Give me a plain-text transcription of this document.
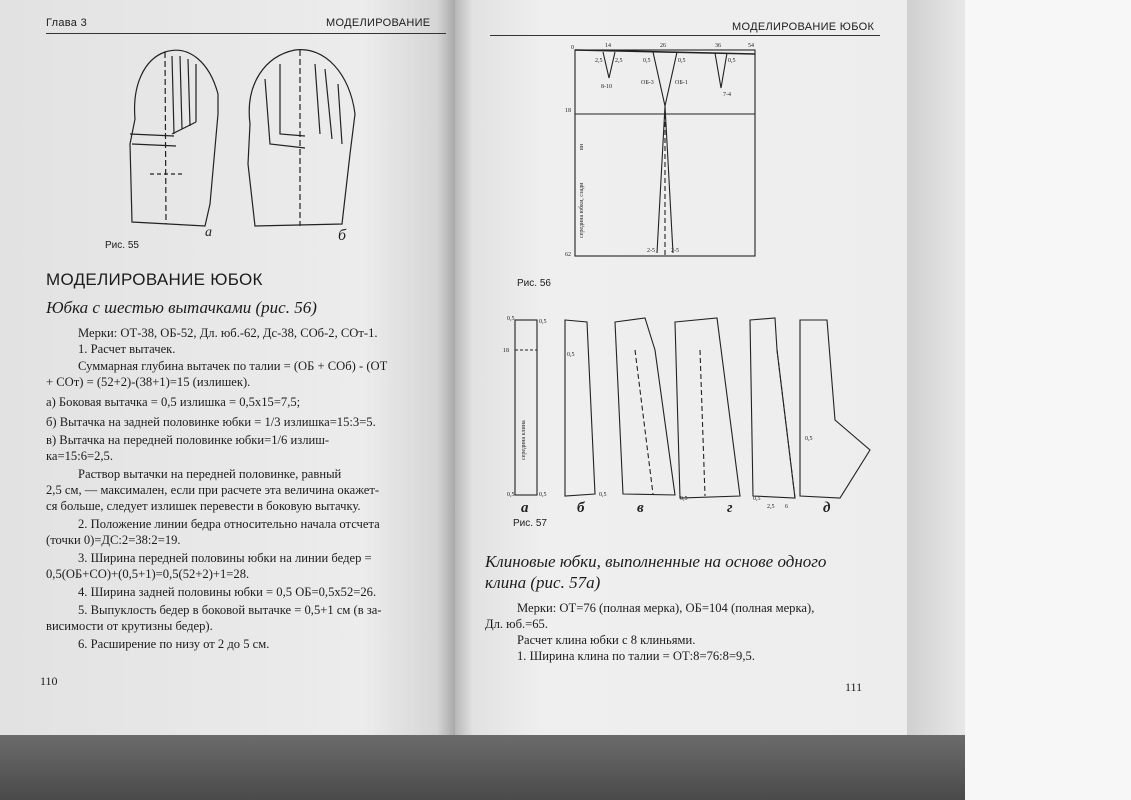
Глава 3	МОДЕЛИРОВАНИЕ
а	б
Рис. 55
МОДЕЛИРОВАНИЕ ЮБОК
Юбка с шестью вытачками (рис. 56)
Мерки: ОТ-38, ОБ-52, Дл. юб.-62, Дс-38, СОб-2, СОт-1.
1. Расчет вытачек.
Суммарная глубина вытачек по талии = (ОБ + СОб) - (ОТ
+ СОт) = (52+2)-(38+1)=15 (излишек).
а) Боковая вытачка = 0,5 излишка = 0,5х15=7,5;
б) Вытачка на задней половинке юбки = 1/3 излишка=15:3=5.
в) Вытачка на передней половинке юбки=1/6 излиш-
ка=15:6=2,5.
Раствор вытачки на передней половинке, равный
2,5 см, — максимален, если при расчете эта величина окажет-
ся больше, следует излишек перевести в боковую вытачку.
2. Положение линии бедра относительно начала отсчета
(точки 0)=ДС:2=38:2=19.
3. Ширина передней половины юбки на линии бедер =
0,5(ОБ+СО)+(0,5+1)=0,5(52+2)+1=28.
4. Ширина задней половины юбки = 0,5 ОБ=0,5х52=26.
5. Выпуклость бедер в боковой вытачке = 0,5+1 см (в за-
висимости от крутизны бедер).
6. Расширение по низу от 2 до 5 см.
110
МОДЕЛИРОВАНИЕ ЮБОК
0	14	26	36	54
2,5 2,5	0,5	0,5	0,5
8-10
ОБ-3	ОБ-1
7-4
18
62
2-5	2-5
середина юбки, сзади
вн
Рис. 56
0,5	0,5
0,5	0,5
0,5
0,5
0,5	0,5
18
середина клина
6
2,5
0,5
а	б	в	г	д
Рис. 57
Клиновые юбки, выполненные на основе одного
клина (рис. 57а)
Мерки: ОТ=76 (полная мерка), ОБ=104 (полная мерка),
Дл. юб.=65.
Расчет клина юбки с 8 клиньями.
1. Ширина клина по талии = ОТ:8=76:8=9,5.
111
